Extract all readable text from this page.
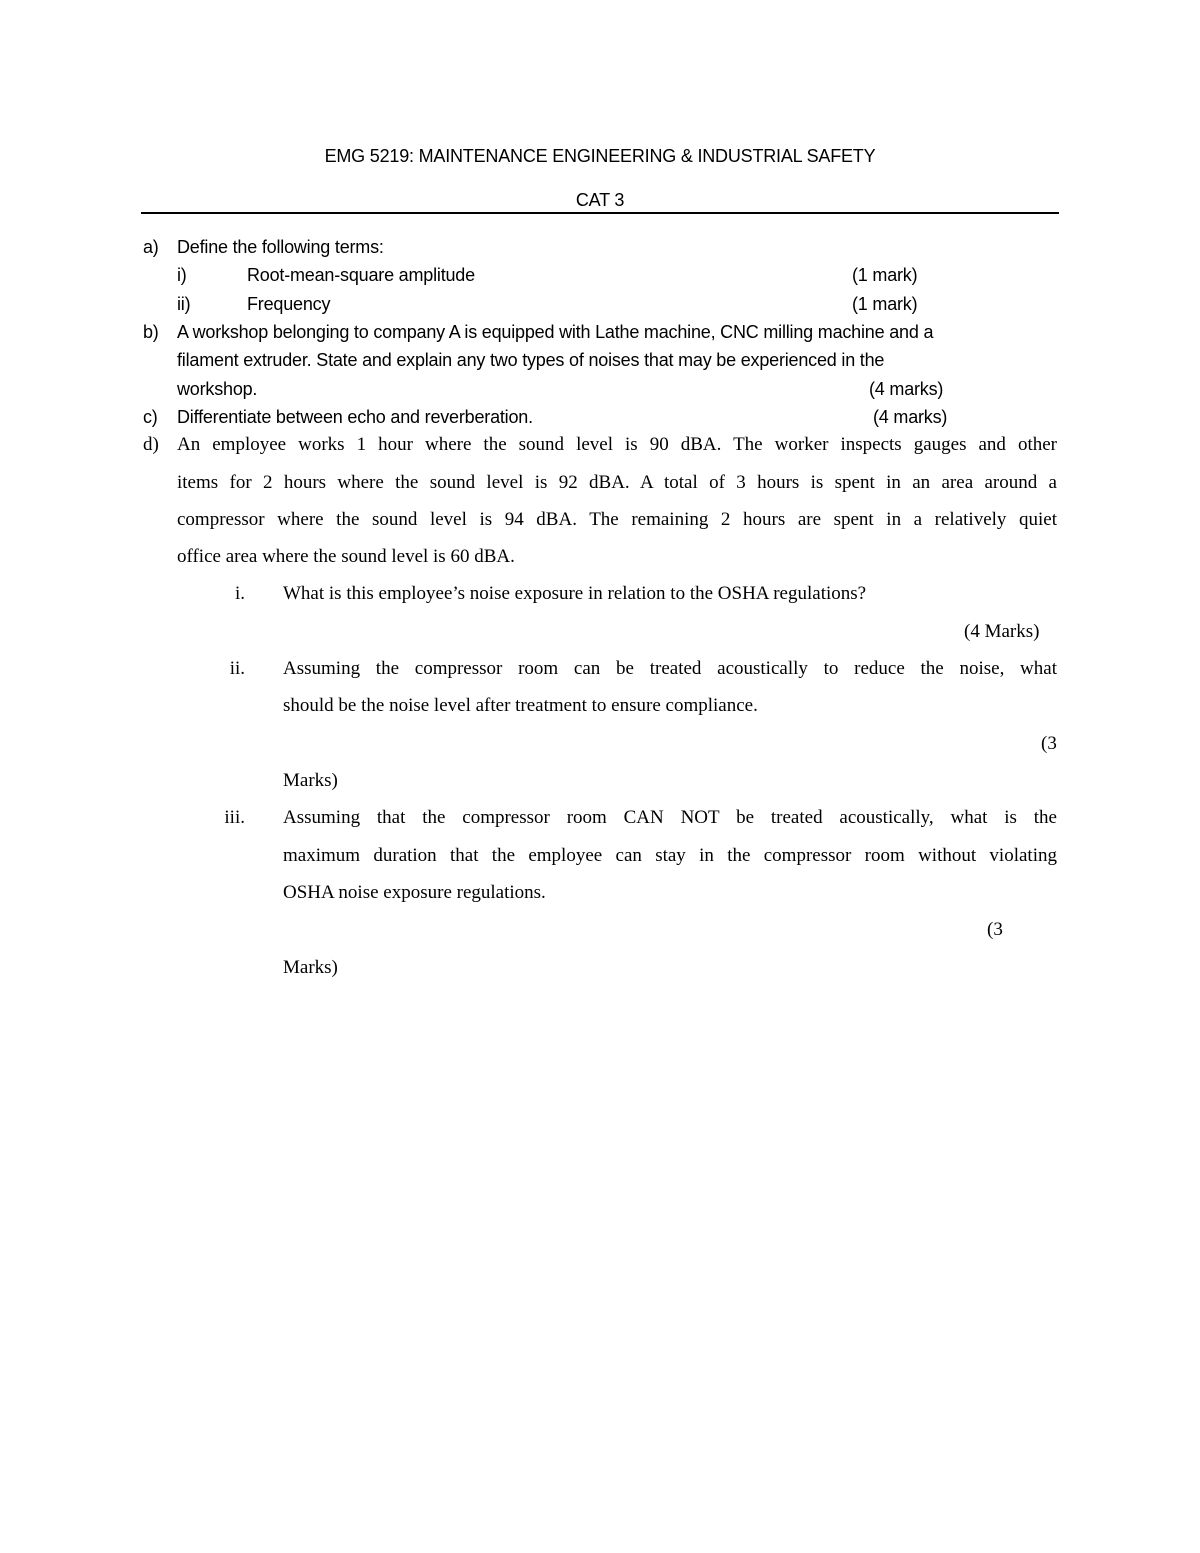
EMG 5219: MAINTENANCE ENGINEERING & INDUSTRIAL SAFETY
CAT 3
a) Define the following terms:
i)	Root-mean-square amplitude	(1 mark)
ii)	Frequency	(1 mark)
b) A workshop belonging to company A is equipped with Lathe machine, CNC milling machine and a
filament extruder. State and explain any two types of noises that may be experienced in the
workshop.	(4 marks)
c) Differentiate between echo and reverberation.	(4 marks)
d) An employee works 1 hour where the sound level is 90 dBA. The worker inspects gauges and other
items for 2 hours where the sound level is 92 dBA. A total of 3 hours is spent in an area around a
compressor where the sound level is 94 dBA. The remaining 2 hours are spent in a relatively quiet
office area where the sound level is 60 dBA.
i. What is this employee’s noise exposure in relation to the OSHA regulations?
(4 Marks)
ii. Assuming the compressor room can be treated acoustically to reduce the noise, what
should be the noise level after treatment to ensure compliance.
(3
Marks)
iii. Assuming that the compressor room CAN NOT be treated acoustically, what is the
maximum duration that the employee can stay in the compressor room without violating
OSHA noise exposure regulations.
(3
Marks)
